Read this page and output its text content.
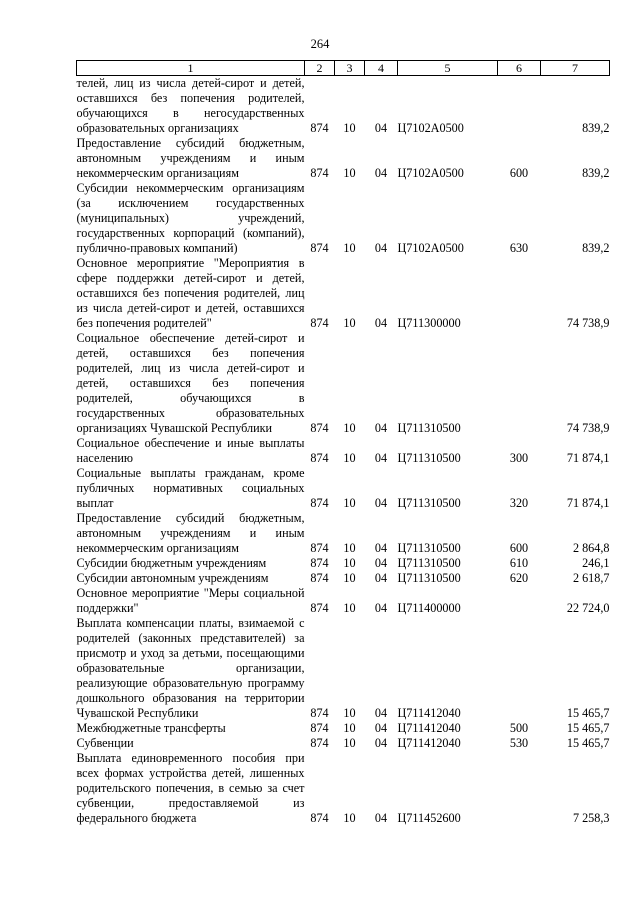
264
1	2	3	4	5	6	7
телей, лиц из числа детей-сирот и детей, оставшихся без попечения родителей, обучающихся в негосударственных образовательных организациях	874	10	04	Ц7102А0500		839,2
Предоставление субсидий бюджетным, автономным учреждениям и иным некоммерческим организациям	874	10	04	Ц7102А0500	600	839,2
Субсидии некоммерческим организациям (за исключением государственных (муниципальных) учреждений, государственных корпораций (компаний), публично-правовых компаний)	874	10	04	Ц7102А0500	630	839,2
Основное мероприятие "Мероприятия в сфере поддержки детей-сирот и детей, оставшихся без попечения родителей, лиц из числа детей-сирот и детей, оставшихся без попечения родителей"	874	10	04	Ц711300000		74 738,9
Социальное обеспечение детей-сирот и детей, оставшихся без попечения родителей, лиц из числа детей-сирот и детей, оставшихся без попечения родителей, обучающихся в государственных образовательных организациях Чувашской Республики	874	10	04	Ц711310500		74 738,9
Социальное обеспечение и иные выплаты населению	874	10	04	Ц711310500	300	71 874,1
Социальные выплаты гражданам, кроме публичных нормативных социальных выплат	874	10	04	Ц711310500	320	71 874,1
Предоставление субсидий бюджетным, автономным учреждениям и иным некоммерческим организациям	874	10	04	Ц711310500	600	2 864,8
Субсидии бюджетным учреждениям	874	10	04	Ц711310500	610	246,1
Субсидии автономным учреждениям	874	10	04	Ц711310500	620	2 618,7
Основное мероприятие "Меры социальной поддержки"	874	10	04	Ц711400000		22 724,0
Выплата компенсации платы, взимаемой с родителей (законных представителей) за присмотр и уход за детьми, посещающими образовательные организации, реализующие образовательную программу дошкольного образования на территории Чувашской Республики	874	10	04	Ц711412040		15 465,7
Межбюджетные трансферты	874	10	04	Ц711412040	500	15 465,7
Субвенции	874	10	04	Ц711412040	530	15 465,7
Выплата единовременного пособия при всех формах устройства детей, лишенных родительского попечения, в семью за счет субвенции, предоставляемой из федерального бюджета	874	10	04	Ц711452600		7 258,3
